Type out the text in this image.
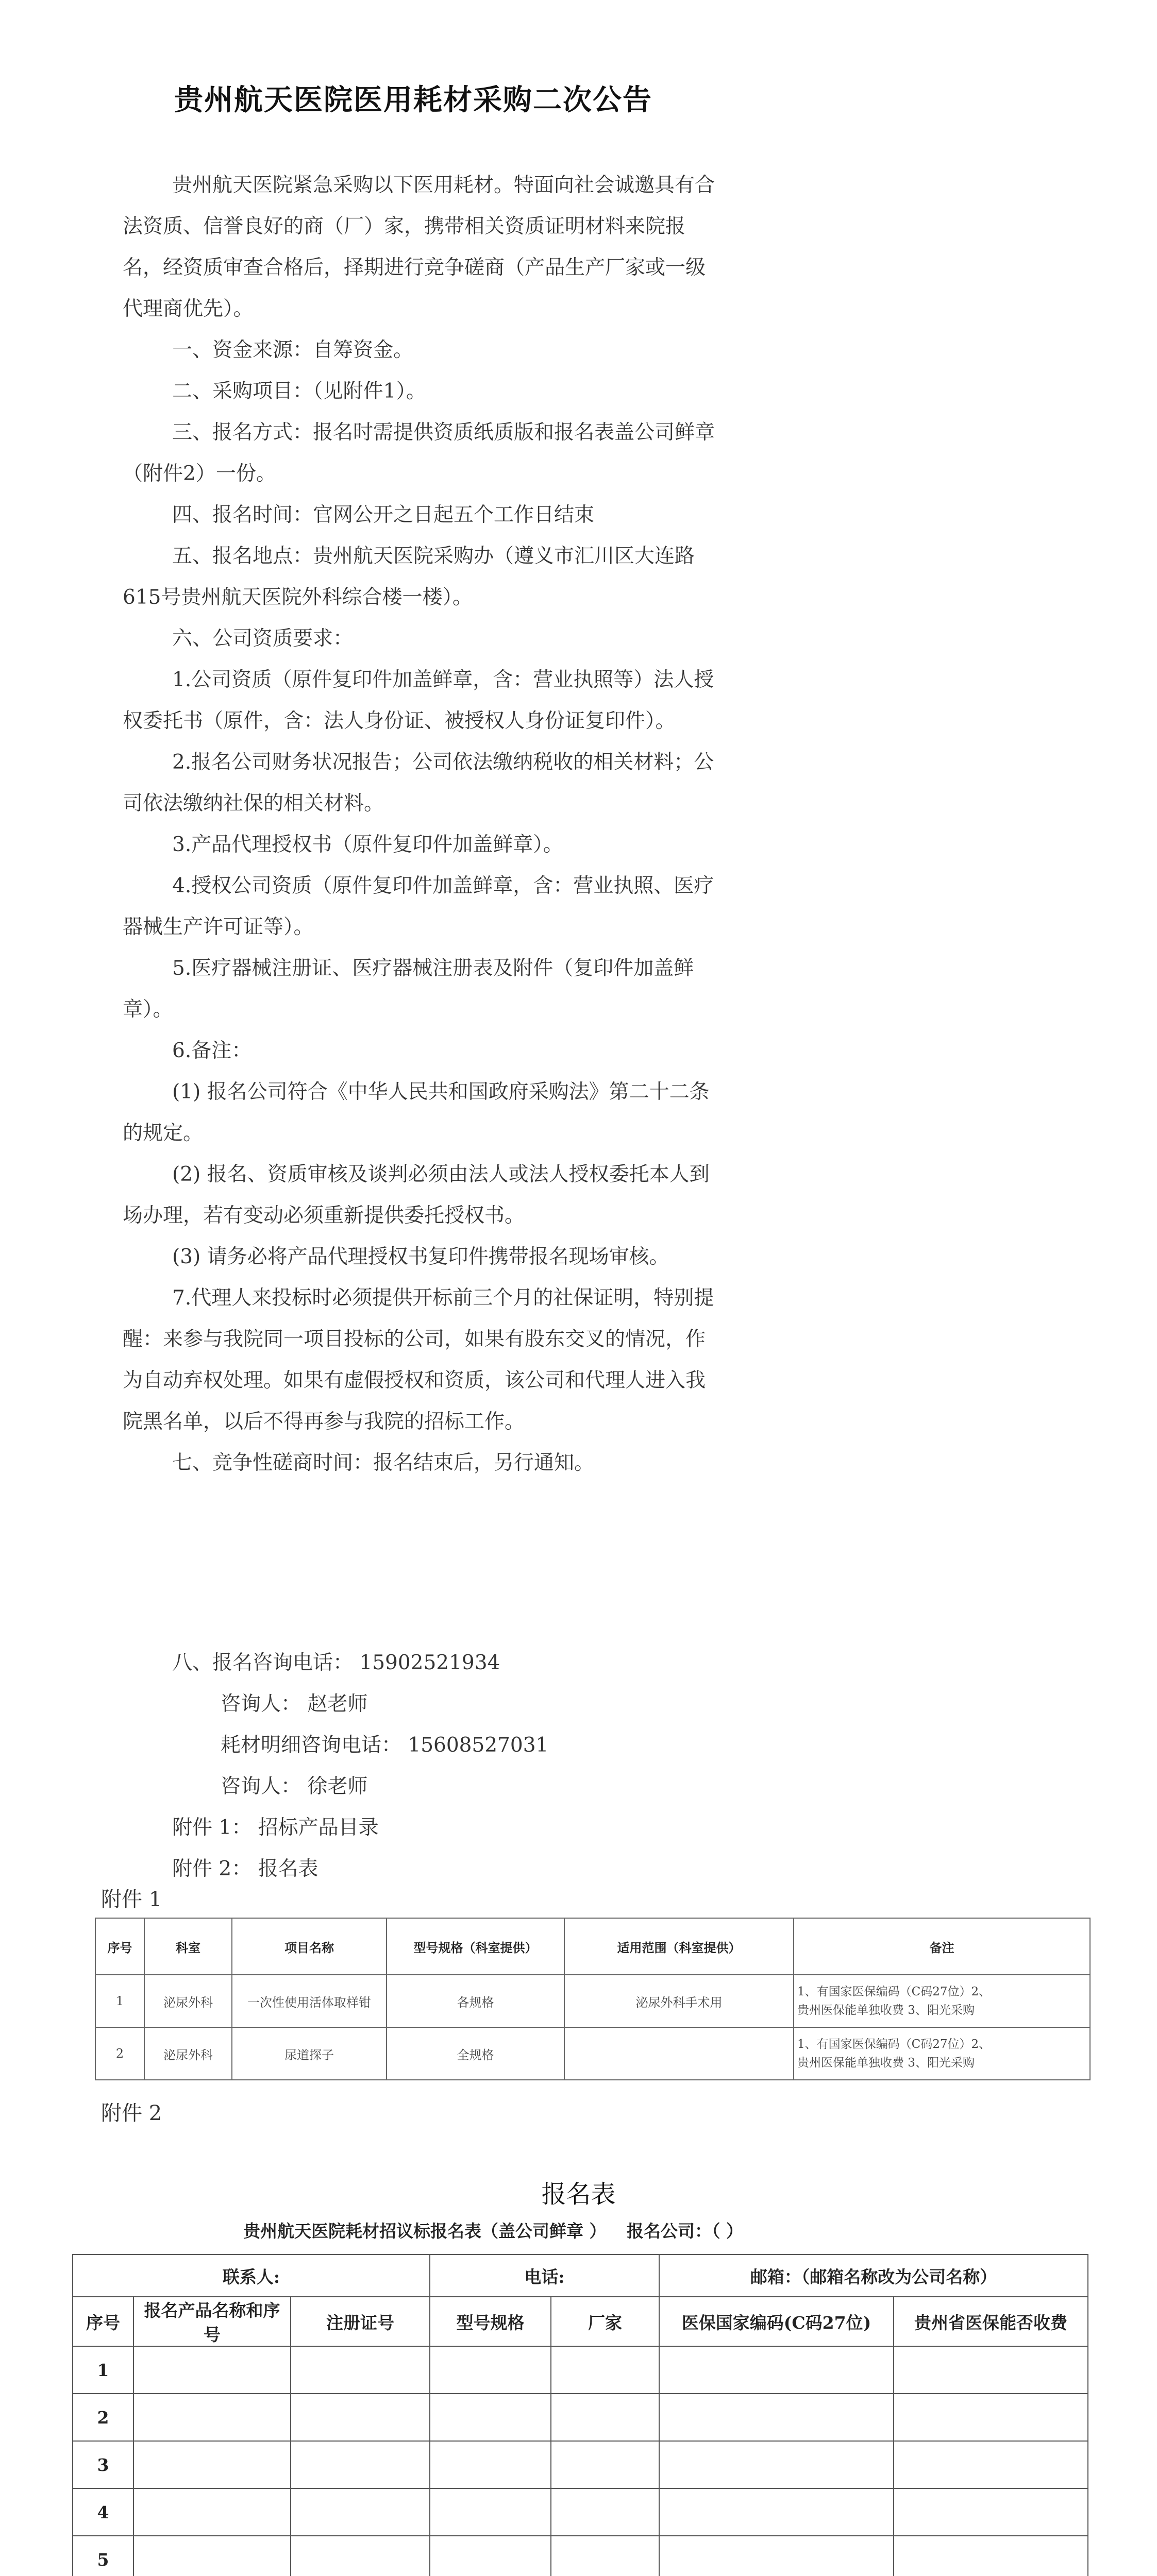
贵州航天医院医用耗材采购二次公告

贵州航天医院紧急采购以下医用耗材。特面向社会诚邀具有合法资质、信誉良好的商（厂）家，携带相关资质证明材料来院报名，经资质审查合格后，择期进行竞争磋商（产品生产厂家或一级代理商优先）。

一、资金来源：自筹资金。

二、采购项目：（见附件1）。

三、报名方式：报名时需提供资质纸质版和报名表盖公司鲜章（附件2）一份。

四、报名时间：官网公开之日起五个工作日结束

五、报名地点：贵州航天医院采购办（遵义市汇川区大连路615号贵州航天医院外科综合楼一楼）。

六、公司资质要求：

1.公司资质（原件复印件加盖鲜章，含：营业执照等）法人授权委托书（原件，含：法人身份证、被授权人身份证复印件）。

2.报名公司财务状况报告；公司依法缴纳税收的相关材料；公司依法缴纳社保的相关材料。

3.产品代理授权书（原件复印件加盖鲜章）。

4.授权公司资质（原件复印件加盖鲜章，含：营业执照、医疗器械生产许可证等）。

5.医疗器械注册证、医疗器械注册表及附件（复印件加盖鲜章）。

6.备注：

(1) 报名公司符合《中华人民共和国政府采购法》第二十二条的规定。

(2) 报名、资质审核及谈判必须由法人或法人授权委托本人到场办理，若有变动必须重新提供委托授权书。

(3) 请务必将产品代理授权书复印件携带报名现场审核。

7.代理人来投标时必须提供开标前三个月的社保证明，特别提醒：来参与我院同一项目投标的公司，如果有股东交叉的情况，作为自动弃权处理。如果有虚假授权和资质，该公司和代理人进入我院黑名单，以后不得再参与我院的招标工作。

七、竞争性磋商时间：报名结束后，另行通知。

八、报名咨询电话： 15902521934
咨询人： 赵老师
耗材明细咨询电话： 15608527031
咨询人： 徐老师
附件 1： 招标产品目录
附件 2： 报名表
附件 1
序号	科室	项目名称	型号规格（科室提供）	适用范围（科室提供）	备注
1	泌尿外科	一次性使用活体取样钳	各规格	泌尿外科手术用	1、有国家医保编码（C码27位）2、
贵州医保能单独收费 3、阳光采购

2	泌尿外科	尿道探子	全规格		1、有国家医保编码（C码27位）2、
贵州医保能单独收费 3、阳光采购
附件 2
报名表
贵州航天医院耗材招议标报名表（盖公司鲜章 ） 报名公司：（ ）
联系人:			电话:		邮箱：（邮箱名称改为公司名称）	
序号	报名产品名称和序号	注册证号	型号规格	厂家	医保国家编码(C码27位)	贵州省医保能否收费
1						
2						
3						
4						
5						
